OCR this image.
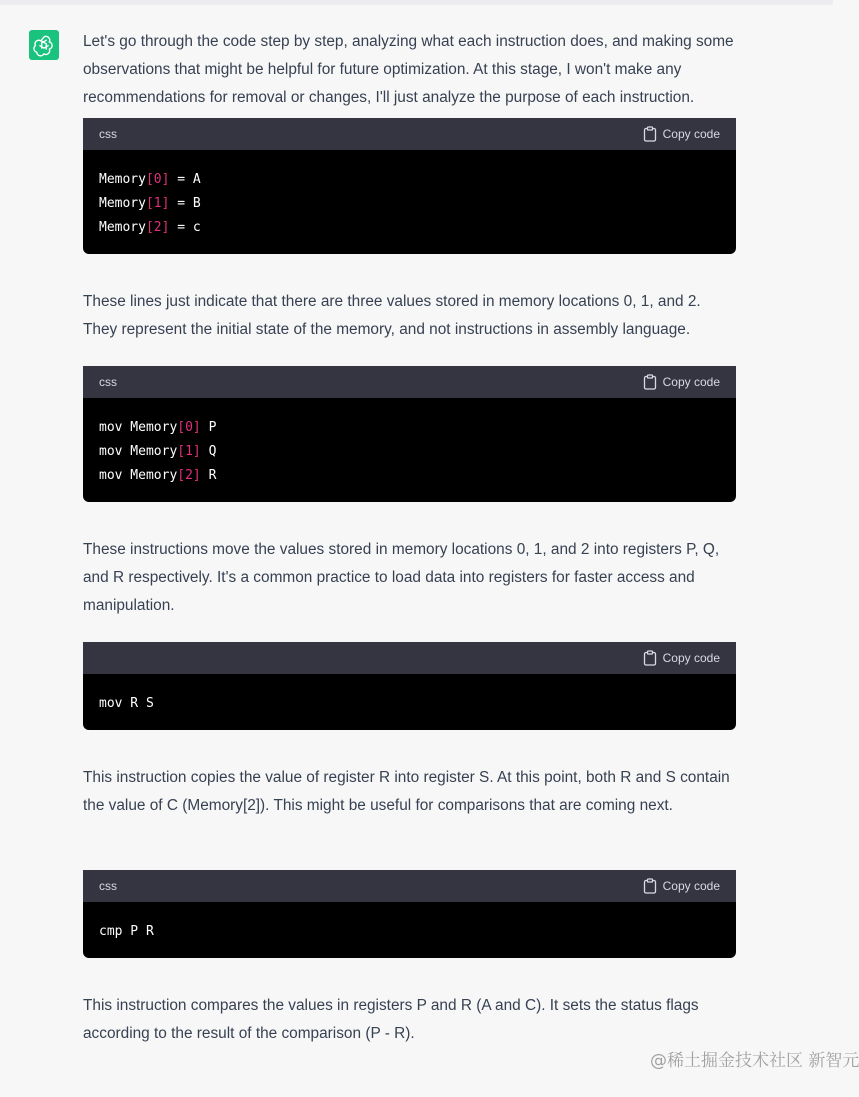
Let's go through the code step by step, analyzing what each instruction does, and making some observations that might be helpful for future optimization. At this stage, I won't make any recommendations for removal or changes, I'll just analyze the purpose of each instruction.

css	Copy code
Memory[0] = A
Memory[1] = B
Memory[2] = c

These lines just indicate that there are three values stored in memory locations 0, 1, and 2. They represent the initial state of the memory, and not instructions in assembly language.

css	Copy code
mov Memory[0] P
mov Memory[1] Q
mov Memory[2] R

These instructions move the values stored in memory locations 0, 1, and 2 into registers P, Q, and R respectively. It's a common practice to load data into registers for faster access and manipulation.

Copy code
mov R S

This instruction copies the value of register R into register S. At this point, both R and S contain the value of C (Memory[2]). This might be useful for comparisons that are coming next.

css	Copy code
cmp P R

This instruction compares the values in registers P and R (A and C). It sets the status flags according to the result of the comparison (P - R).

@稀土掘金技术社区 新智元
